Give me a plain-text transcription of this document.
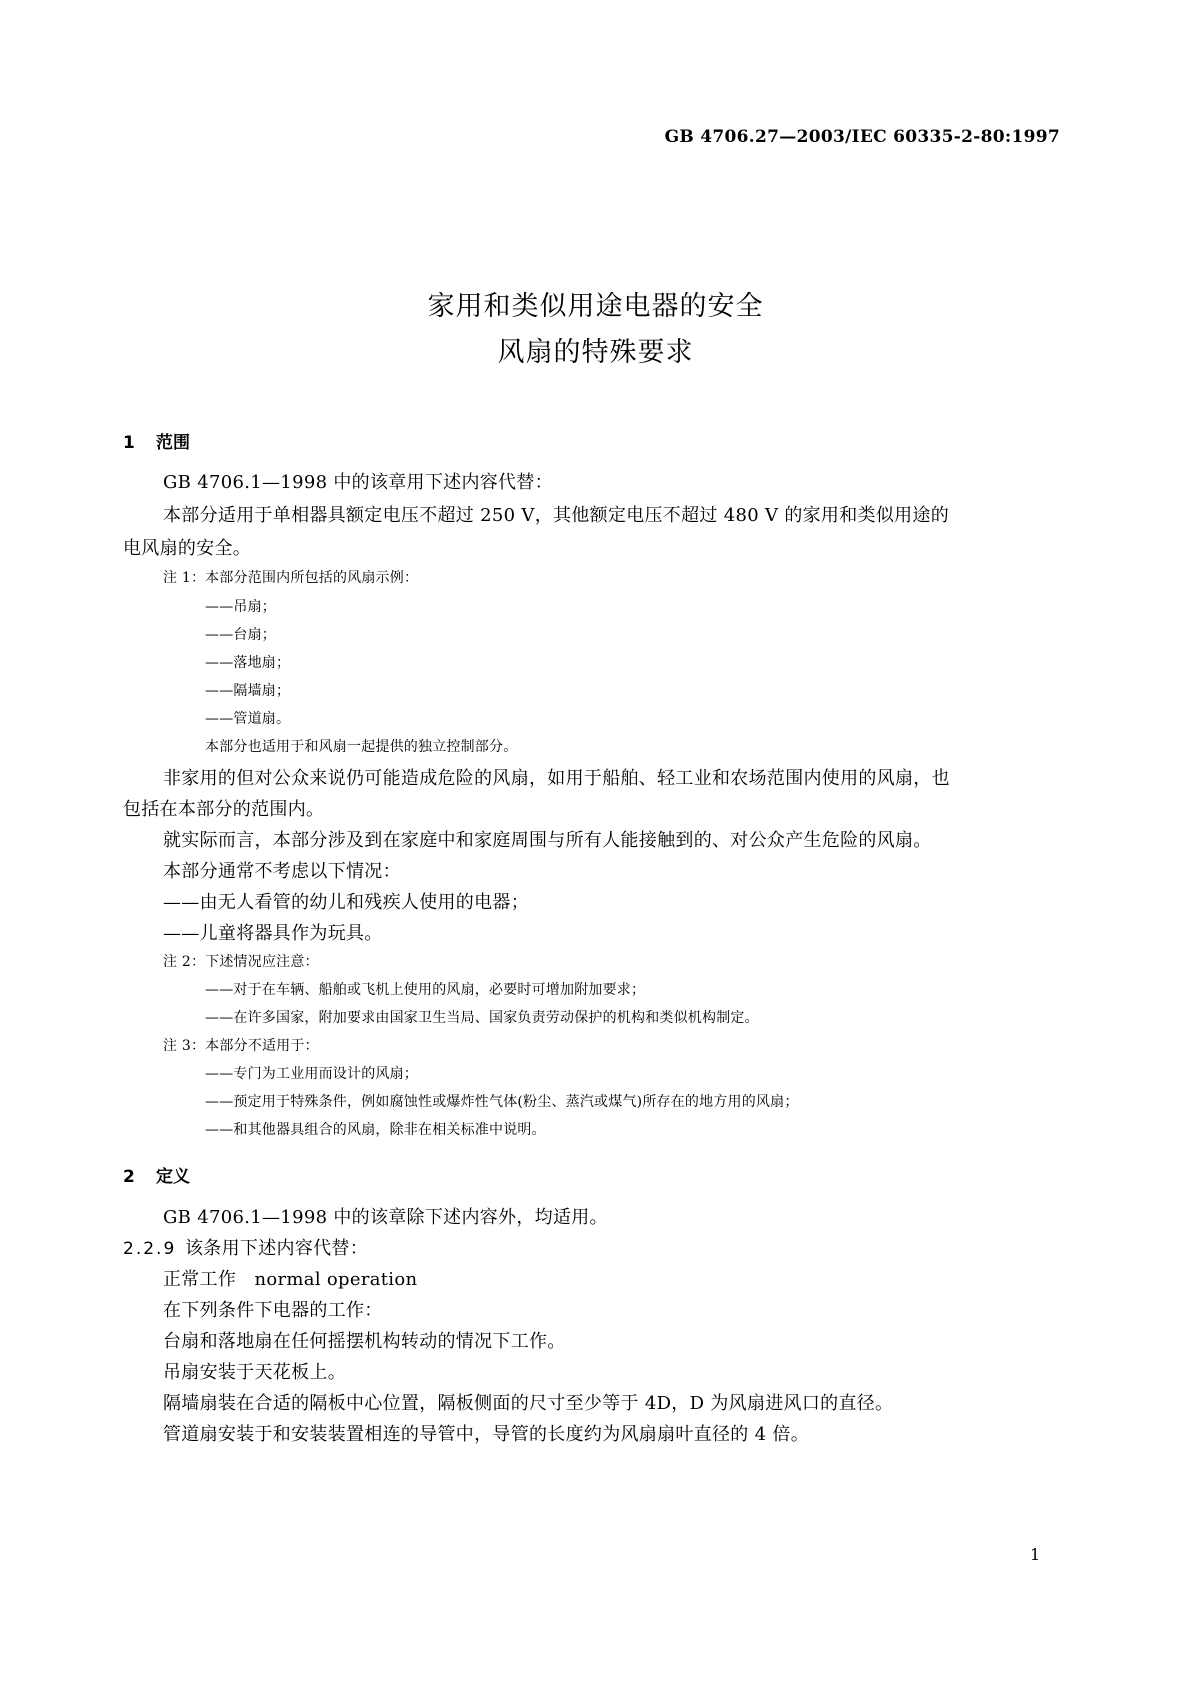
GB 4706.27—2003/IEC 60335-2-80:1997
家用和类似用途电器的安全
风扇的特殊要求
1 范围
GB 4706.1—1998 中的该章用下述内容代替：
本部分适用于单相器具额定电压不超过 250 V，其他额定电压不超过 480 V 的家用和类似用途的
电风扇的安全。
注 1：本部分范围内所包括的风扇示例：
——吊扇；
——台扇；
——落地扇；
——隔墙扇；
——管道扇。
本部分也适用于和风扇一起提供的独立控制部分。
非家用的但对公众来说仍可能造成危险的风扇，如用于船舶、轻工业和农场范围内使用的风扇，也
包括在本部分的范围内。
就实际而言，本部分涉及到在家庭中和家庭周围与所有人能接触到的、对公众产生危险的风扇。
本部分通常不考虑以下情况：
——由无人看管的幼儿和残疾人使用的电器；
——儿童将器具作为玩具。
注 2：下述情况应注意：
——对于在车辆、船舶或飞机上使用的风扇，必要时可增加附加要求；
——在许多国家，附加要求由国家卫生当局、国家负责劳动保护的机构和类似机构制定。
注 3：本部分不适用于：
——专门为工业用而设计的风扇；
——预定用于特殊条件，例如腐蚀性或爆炸性气体(粉尘、蒸汽或煤气)所存在的地方用的风扇；
——和其他器具组合的风扇，除非在相关标准中说明。
2 定义
GB 4706.1—1998 中的该章除下述内容外，均适用。
2.2.9 该条用下述内容代替：
正常工作　normal operation
在下列条件下电器的工作：
台扇和落地扇在任何摇摆机构转动的情况下工作。
吊扇安装于天花板上。
隔墙扇装在合适的隔板中心位置，隔板侧面的尺寸至少等于 4D，D 为风扇进风口的直径。
管道扇安装于和安装装置相连的导管中，导管的长度约为风扇扇叶直径的 4 倍。
1
